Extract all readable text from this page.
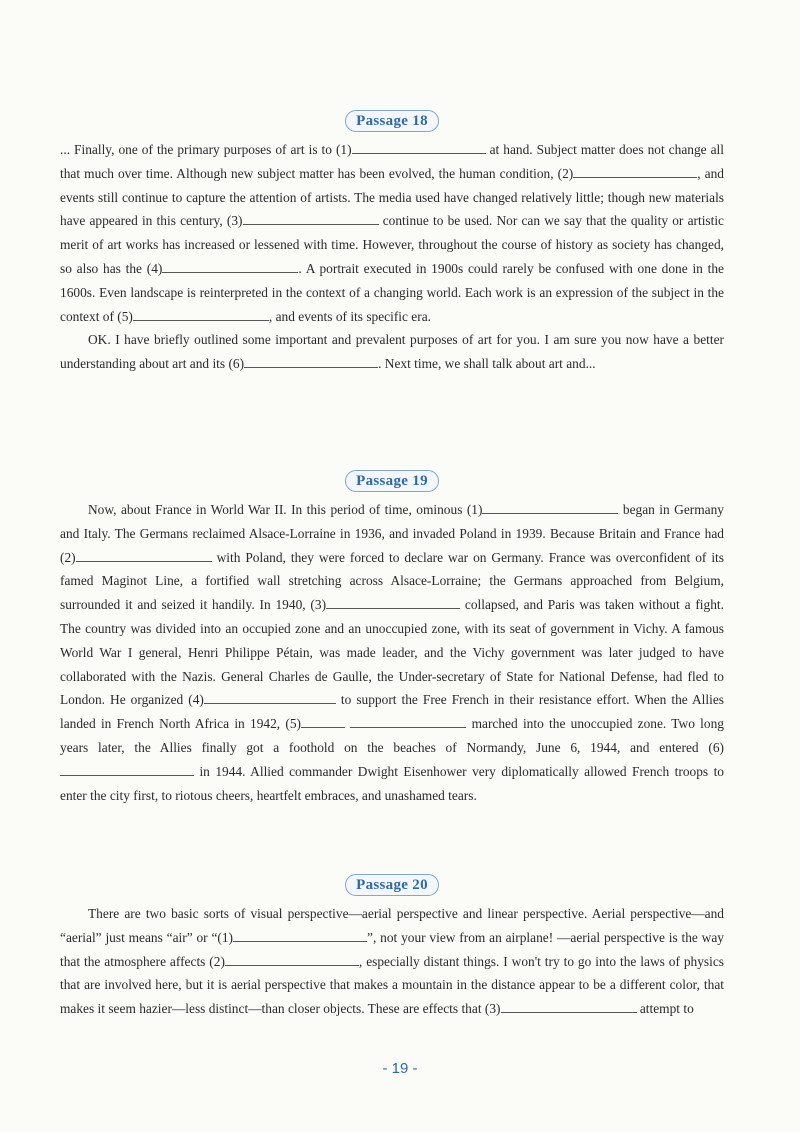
Passage 18

... Finally, one of the primary purposes of art is to (1)	at hand. Subject matter does not change all that much over time. Although new subject matter has been evolved, the human condition, (2)	, and events still continue to capture the attention of artists. The media used have changed relatively little; though new materials have appeared in this century, (3)	continue to be used. Nor can we say that the quality or artistic merit of art works has increased or lessened with time. However, throughout the course of history as society has changed, so also has the (4)	. A portrait executed in 1900s could rarely be confused with one done in the 1600s. Even landscape is reinterpreted in the context of a changing world. Each work is an expression of the subject in the context of (5)	, and events of its specific era.

OK. I have briefly outlined some important and prevalent purposes of art for you. I am sure you now have a better understanding about art and its (6)	. Next time, we shall talk about art and...

Passage 19

Now, about France in World War II. In this period of time, ominous (1)	began in Germany and Italy. The Germans reclaimed Alsace-Lorraine in 1936, and invaded Poland in 1939. Because Britain and France had (2)	with Poland, they were forced to declare war on Germany. France was overconfident of its famed Maginot Line, a fortified wall stretching across Alsace-Lorraine; the Germans approached from Belgium, surrounded it and seized it handily. In 1940, (3)	collapsed, and Paris was taken without a fight. The country was divided into an occupied zone and an unoccupied zone, with its seat of government in Vichy. A famous World War I general, Henri Philippe Pétain, was made leader, and the Vichy government was later judged to have collaborated with the Nazis. General Charles de Gaulle, the Under-secretary of State for National Defense, had fled to London. He organized (4)	to support the Free French in their resistance effort. When the Allies landed in French North Africa in 1942, (5)	marched into the unoccupied zone. Two long years later, the Allies finally got a foothold on the beaches of Normandy, June 6, 1944, and entered (6) in 1944. Allied commander Dwight Eisenhower very diplomatically allowed French troops to enter the city first, to riotous cheers, heartfelt embraces, and unashamed tears.

Passage 20

There are two basic sorts of visual perspective—aerial perspective and linear perspective. Aerial perspective—and “aerial” just means “air” or “(1)	”, not your view from an airplane! —aerial perspective is the way that the atmosphere affects (2)	, especially distant things. I won't try to go into the laws of physics that are involved here, but it is aerial perspective that makes a mountain in the distance appear to be a different color, that makes it seem hazier—less distinct—than closer objects. These are effects that (3)	attempt to

- 19 -
